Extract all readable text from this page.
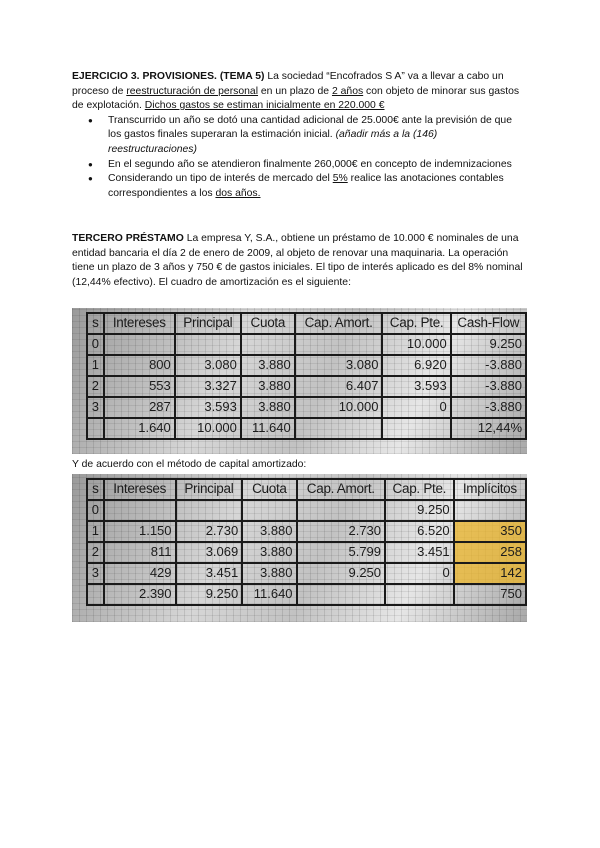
EJERCICIO 3. PROVISIONES. (TEMA 5) La sociedad “Encofrados S A” va a llevar a cabo un proceso de reestructuración de personal en un plazo de 2 años con objeto de minorar sus gastos de explotación. Dichos gastos se estiman inicialmente en 220.000 €

● Transcurrido un año se dotó una cantidad adicional de 25.000€ ante la previsión de que los gastos finales superaran la estimación inicial. (añadir más a la (146) reestructuraciones)
● En el segundo año se atendieron finalmente 260,000€ en concepto de indemnizaciones
● Considerando un tipo de interés de mercado del 5% realice las anotaciones contables correspondientes a los dos años.

TERCERO PRÉSTAMO La empresa Y, S.A., obtiene un préstamo de 10.000 € nominales de una entidad bancaria el día 2 de enero de 2009, al objeto de renovar una maquinaria. La operación tiene un plazo de 3 años y 750 € de gastos iniciales. El tipo de interés aplicado es del 8% nominal (12,44% efectivo). El cuadro de amortización es el siguiente:

s	Intereses	Principal	Cuota	Cap. Amort.	Cap. Pte.	Cash-Flow
0					10.000	9.250
1	800	3.080	3.880	3.080	6.920	-3.880
2	553	3.327	3.880	6.407	3.593	-3.880
3	287	3.593	3.880	10.000	0	-3.880
	1.640	10.000	11.640			12,44%

Y de acuerdo con el método de capital amortizado:

s	Intereses	Principal	Cuota	Cap. Amort.	Cap. Pte.	Implícitos
0					9.250	
1	1.150	2.730	3.880	2.730	6.520	350
2	811	3.069	3.880	5.799	3.451	258
3	429	3.451	3.880	9.250	0	142
	2.390	9.250	11.640			750
